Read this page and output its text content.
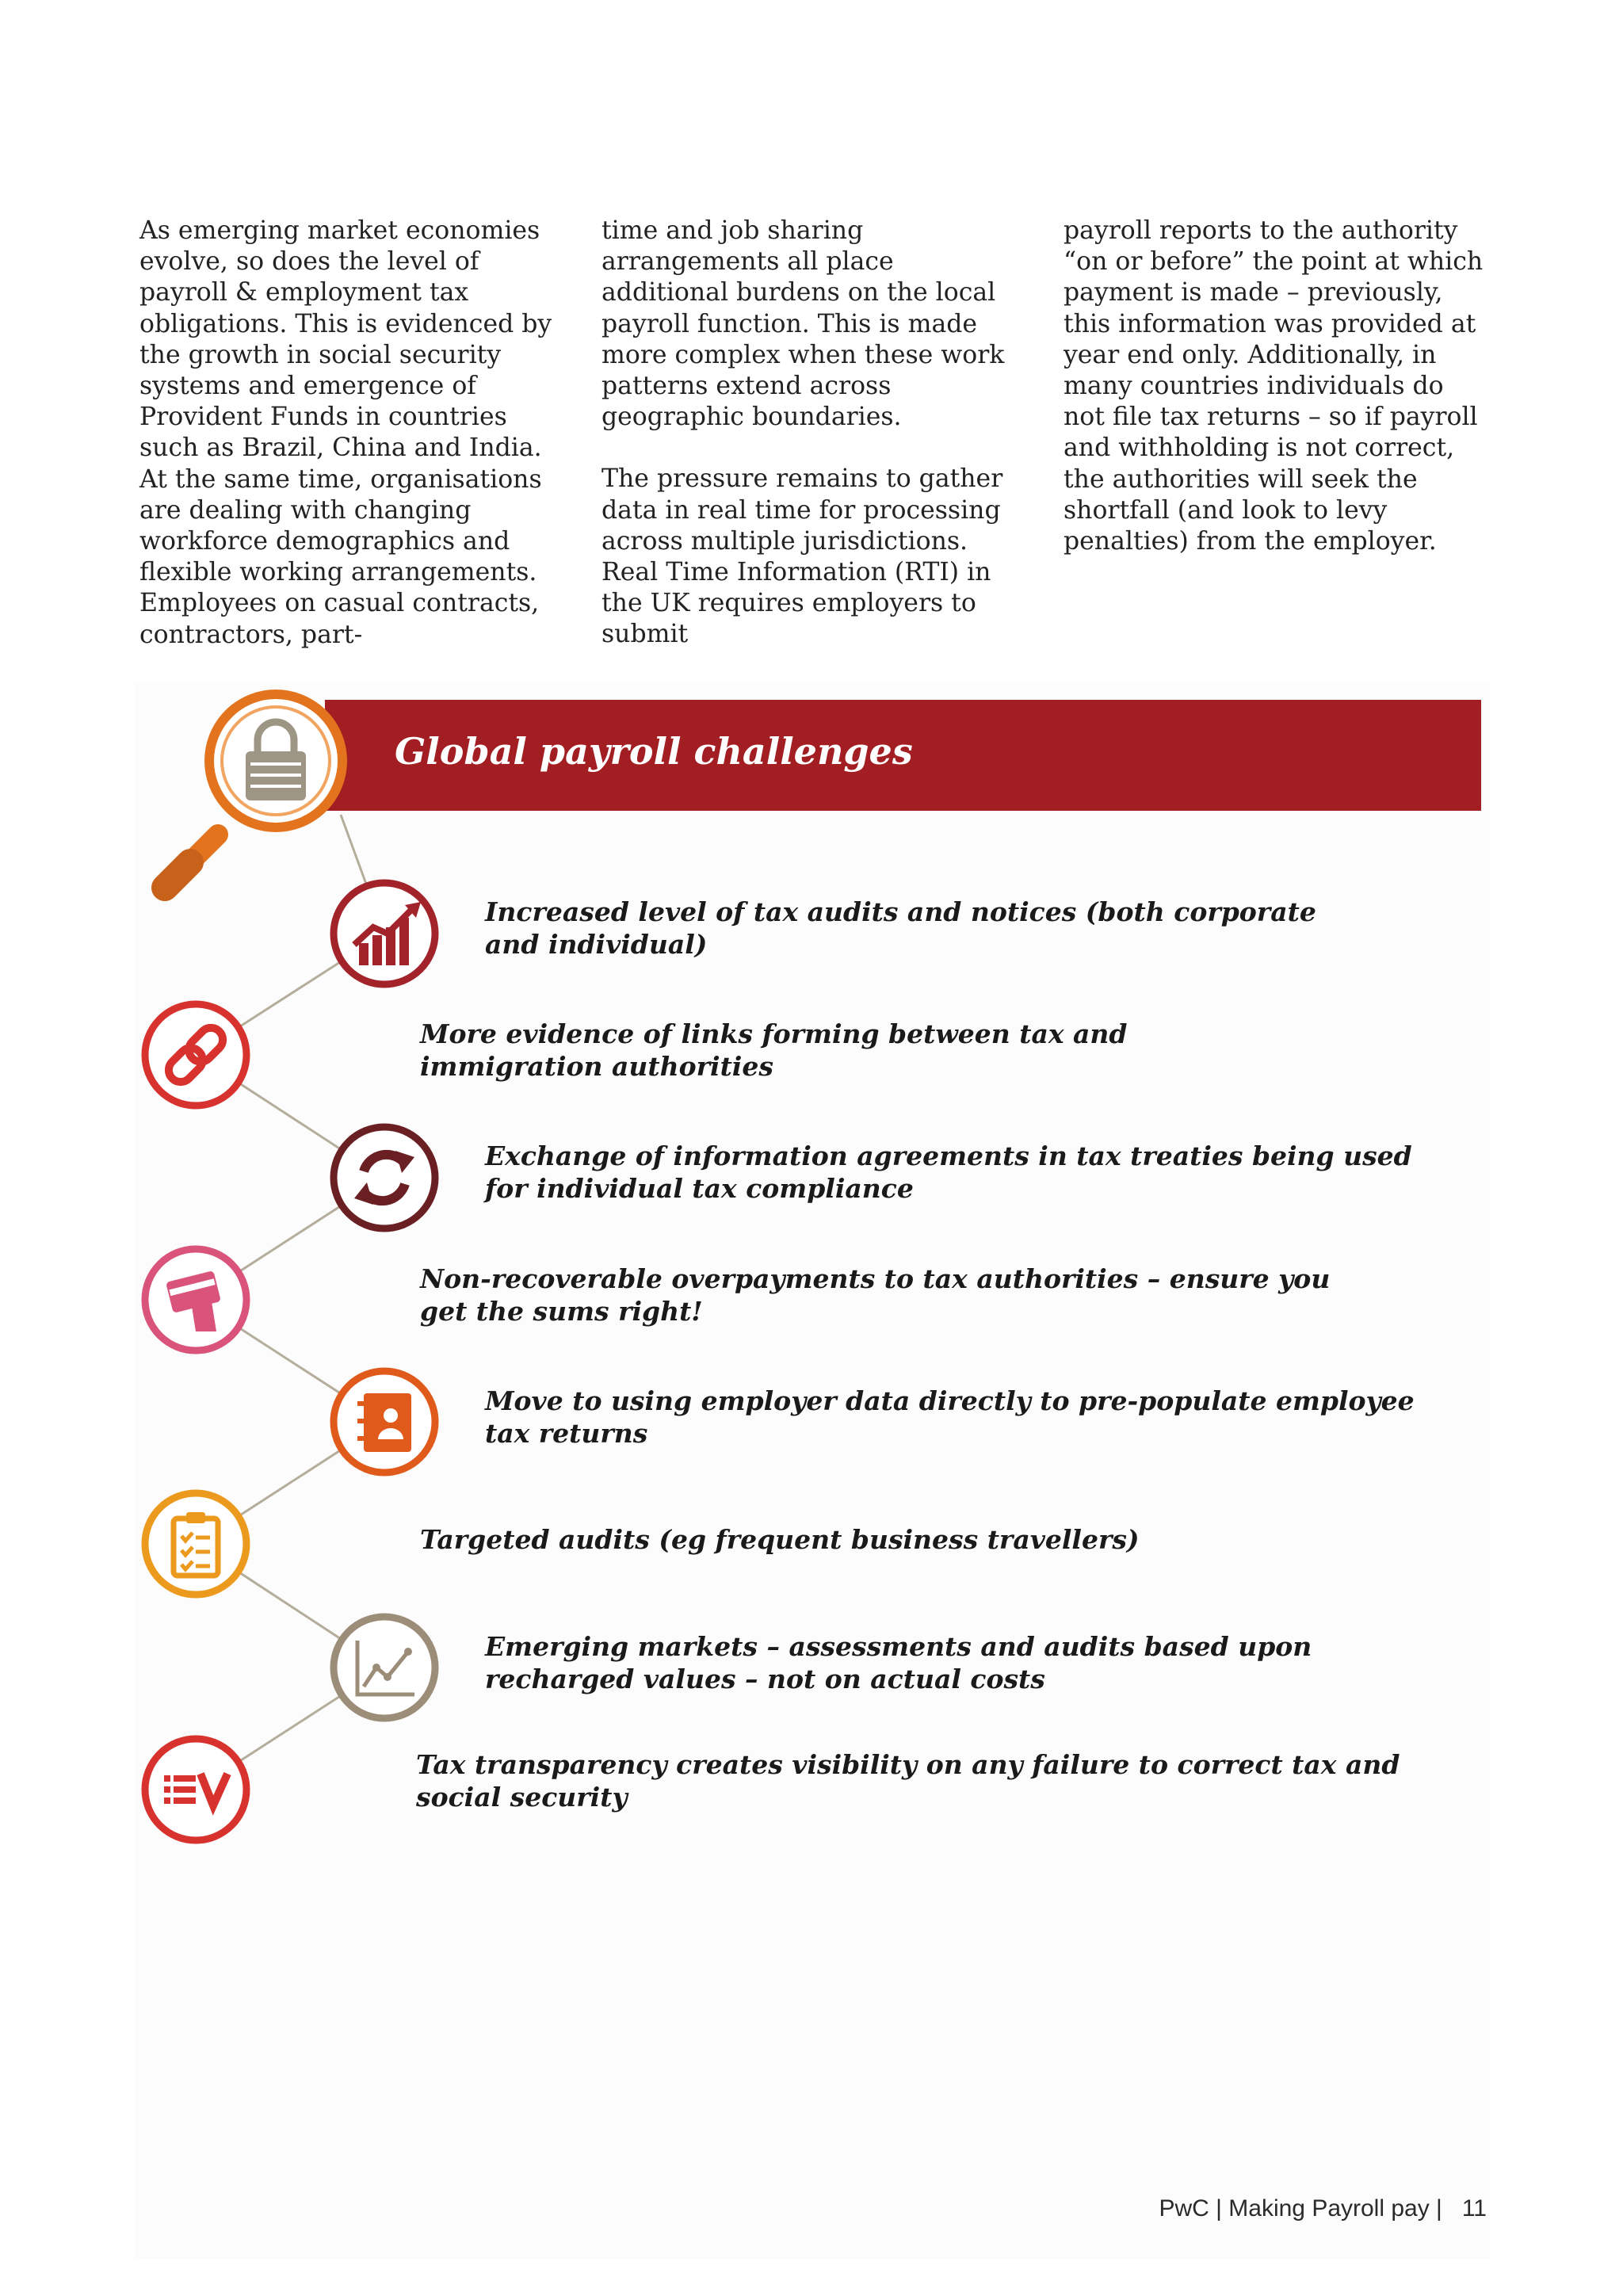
As emerging market economies evolve, so does the level of payroll & employment tax obligations. This is evidenced by the growth in social security systems and emergence of Provident Funds in countries such as Brazil, China and India. At the same time, organisations are dealing with changing workforce demographics and flexible working arrangements. Employees on casual contracts, contractors, part-

time and job sharing arrangements all place additional burdens on the local payroll function. This is made more complex when these work patterns extend across geographic boundaries.

The pressure remains to gather data in real time for processing across multiple jurisdictions. Real Time Information (RTI) in the UK requires employers to submit

payroll reports to the authority “on or before” the point at which payment is made – previously, this information was provided at year end only. Additionally, in many countries individuals do not file tax returns – so if payroll and withholding is not correct, the authorities will seek the shortfall (and look to levy penalties) from the employer.

Global payroll challenges
Increased level of tax audits and notices (both corporate and individual)
More evidence of links forming between tax and immigration authorities
Exchange of information agreements in tax treaties being used for individual tax compliance
Non-recoverable overpayments to tax authorities – ensure you get the sums right!
Move to using employer data directly to pre-populate employee tax returns
Targeted audits (eg frequent business travellers)
Emerging markets – assessments and audits based upon recharged values – not on actual costs
Tax transparency creates visibility on any failure to correct tax and social security
PwC | Making Payroll pay |   11
